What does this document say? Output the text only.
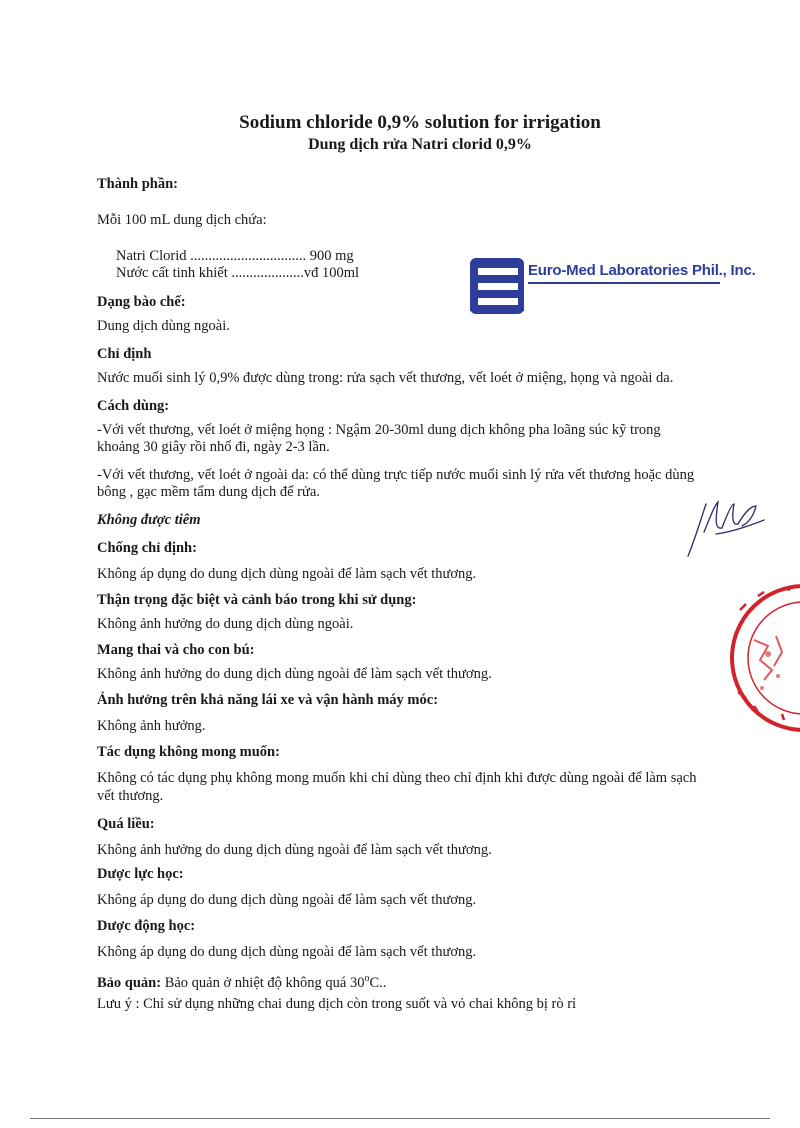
Sodium chloride 0,9% solution for irrigation
Dung dịch rửa Natri clorid 0,9%
Thành phần:
Mỗi 100 mL dung dịch chứa:
Natri Clorid ................................ 900 mg
Nước cất tinh khiết ....................vđ 100ml	Euro-Med Laboratories Phil., Inc.
Dạng bào chế:
Dung dịch dùng ngoài.
Chỉ định
Nước muối sinh lý 0,9% được dùng trong: rửa sạch vết thương, vết loét ở miệng, họng và ngoài da.
Cách dùng:
-Với vết thương, vết loét ở miệng họng : Ngậm 20-30ml dung dịch không pha loãng súc kỹ trong
khoảng 30 giây rồi nhổ đi, ngày 2-3 lần.
-Với vết thương, vết loét ở ngoài da: có thể dùng trực tiếp nước muối sinh lý rửa vết thương hoặc dùng
bông , gạc mềm tẩm dung dịch để rửa.
Không được tiêm
Chống chỉ định:
Không áp dụng do dung dịch dùng ngoài để làm sạch vết thương.
Thận trọng đặc biệt và cảnh báo trong khi sử dụng:
Không ảnh hưởng do dung dịch dùng ngoài.
Mang thai và cho con bú:
Không ảnh hưởng do dung dịch dùng ngoài để làm sạch vết thương.
Ảnh hưởng trên khả năng lái xe và vận hành máy móc:
Không ảnh hưởng.
Tác dụng không mong muốn:
Không có tác dụng phụ không mong muốn khi chỉ dùng theo chỉ định khi được dùng ngoài để làm sạch
vết thương.
Quá liều:
Không ảnh hưởng do dung dịch dùng ngoài để làm sạch vết thương.
Dược lực học:
Không áp dụng do dung dịch dùng ngoài để làm sạch vết thương.
Dược động học:
Không áp dụng do dung dịch dùng ngoài để làm sạch vết thương.
Bảo quản: Bảo quản ở nhiệt độ không quá 30$^o$C..
Lưu ý : Chỉ sử dụng những chai dung dịch còn trong suốt và vỏ chai không bị rò rỉ
